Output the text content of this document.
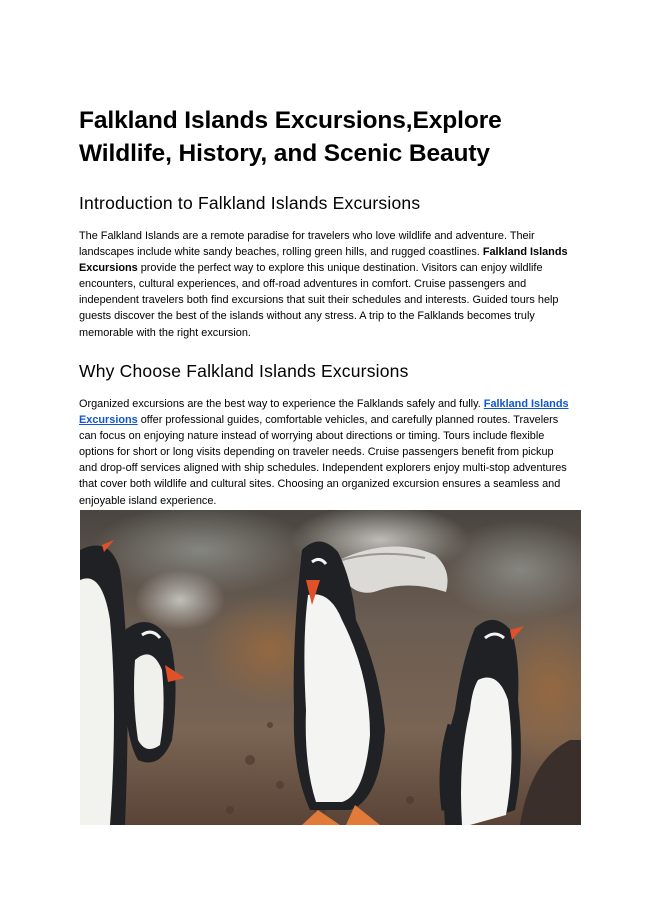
Falkland Islands Excursions,Explore Wildlife, History, and Scenic Beauty
Introduction to Falkland Islands Excursions

The Falkland Islands are a remote paradise for travelers who love wildlife and adventure. Their landscapes include white sandy beaches, rolling green hills, and rugged coastlines. Falkland Islands Excursions provide the perfect way to explore this unique destination. Visitors can enjoy wildlife encounters, cultural experiences, and off-road adventures in comfort. Cruise passengers and independent travelers both find excursions that suit their schedules and interests. Guided tours help guests discover the best of the islands without any stress. A trip to the Falklands becomes truly memorable with the right excursion.

Why Choose Falkland Islands Excursions

Organized excursions are the best way to experience the Falklands safely and fully. Falkland Islands Excursions offer professional guides, comfortable vehicles, and carefully planned routes. Travelers can focus on enjoying nature instead of worrying about directions or timing. Tours include flexible options for short or long visits depending on traveler needs. Cruise passengers benefit from pickup and drop-off services aligned with ship schedules. Independent explorers enjoy multi-stop adventures that cover both wildlife and cultural sites. Choosing an organized excursion ensures a seamless and enjoyable island experience.
